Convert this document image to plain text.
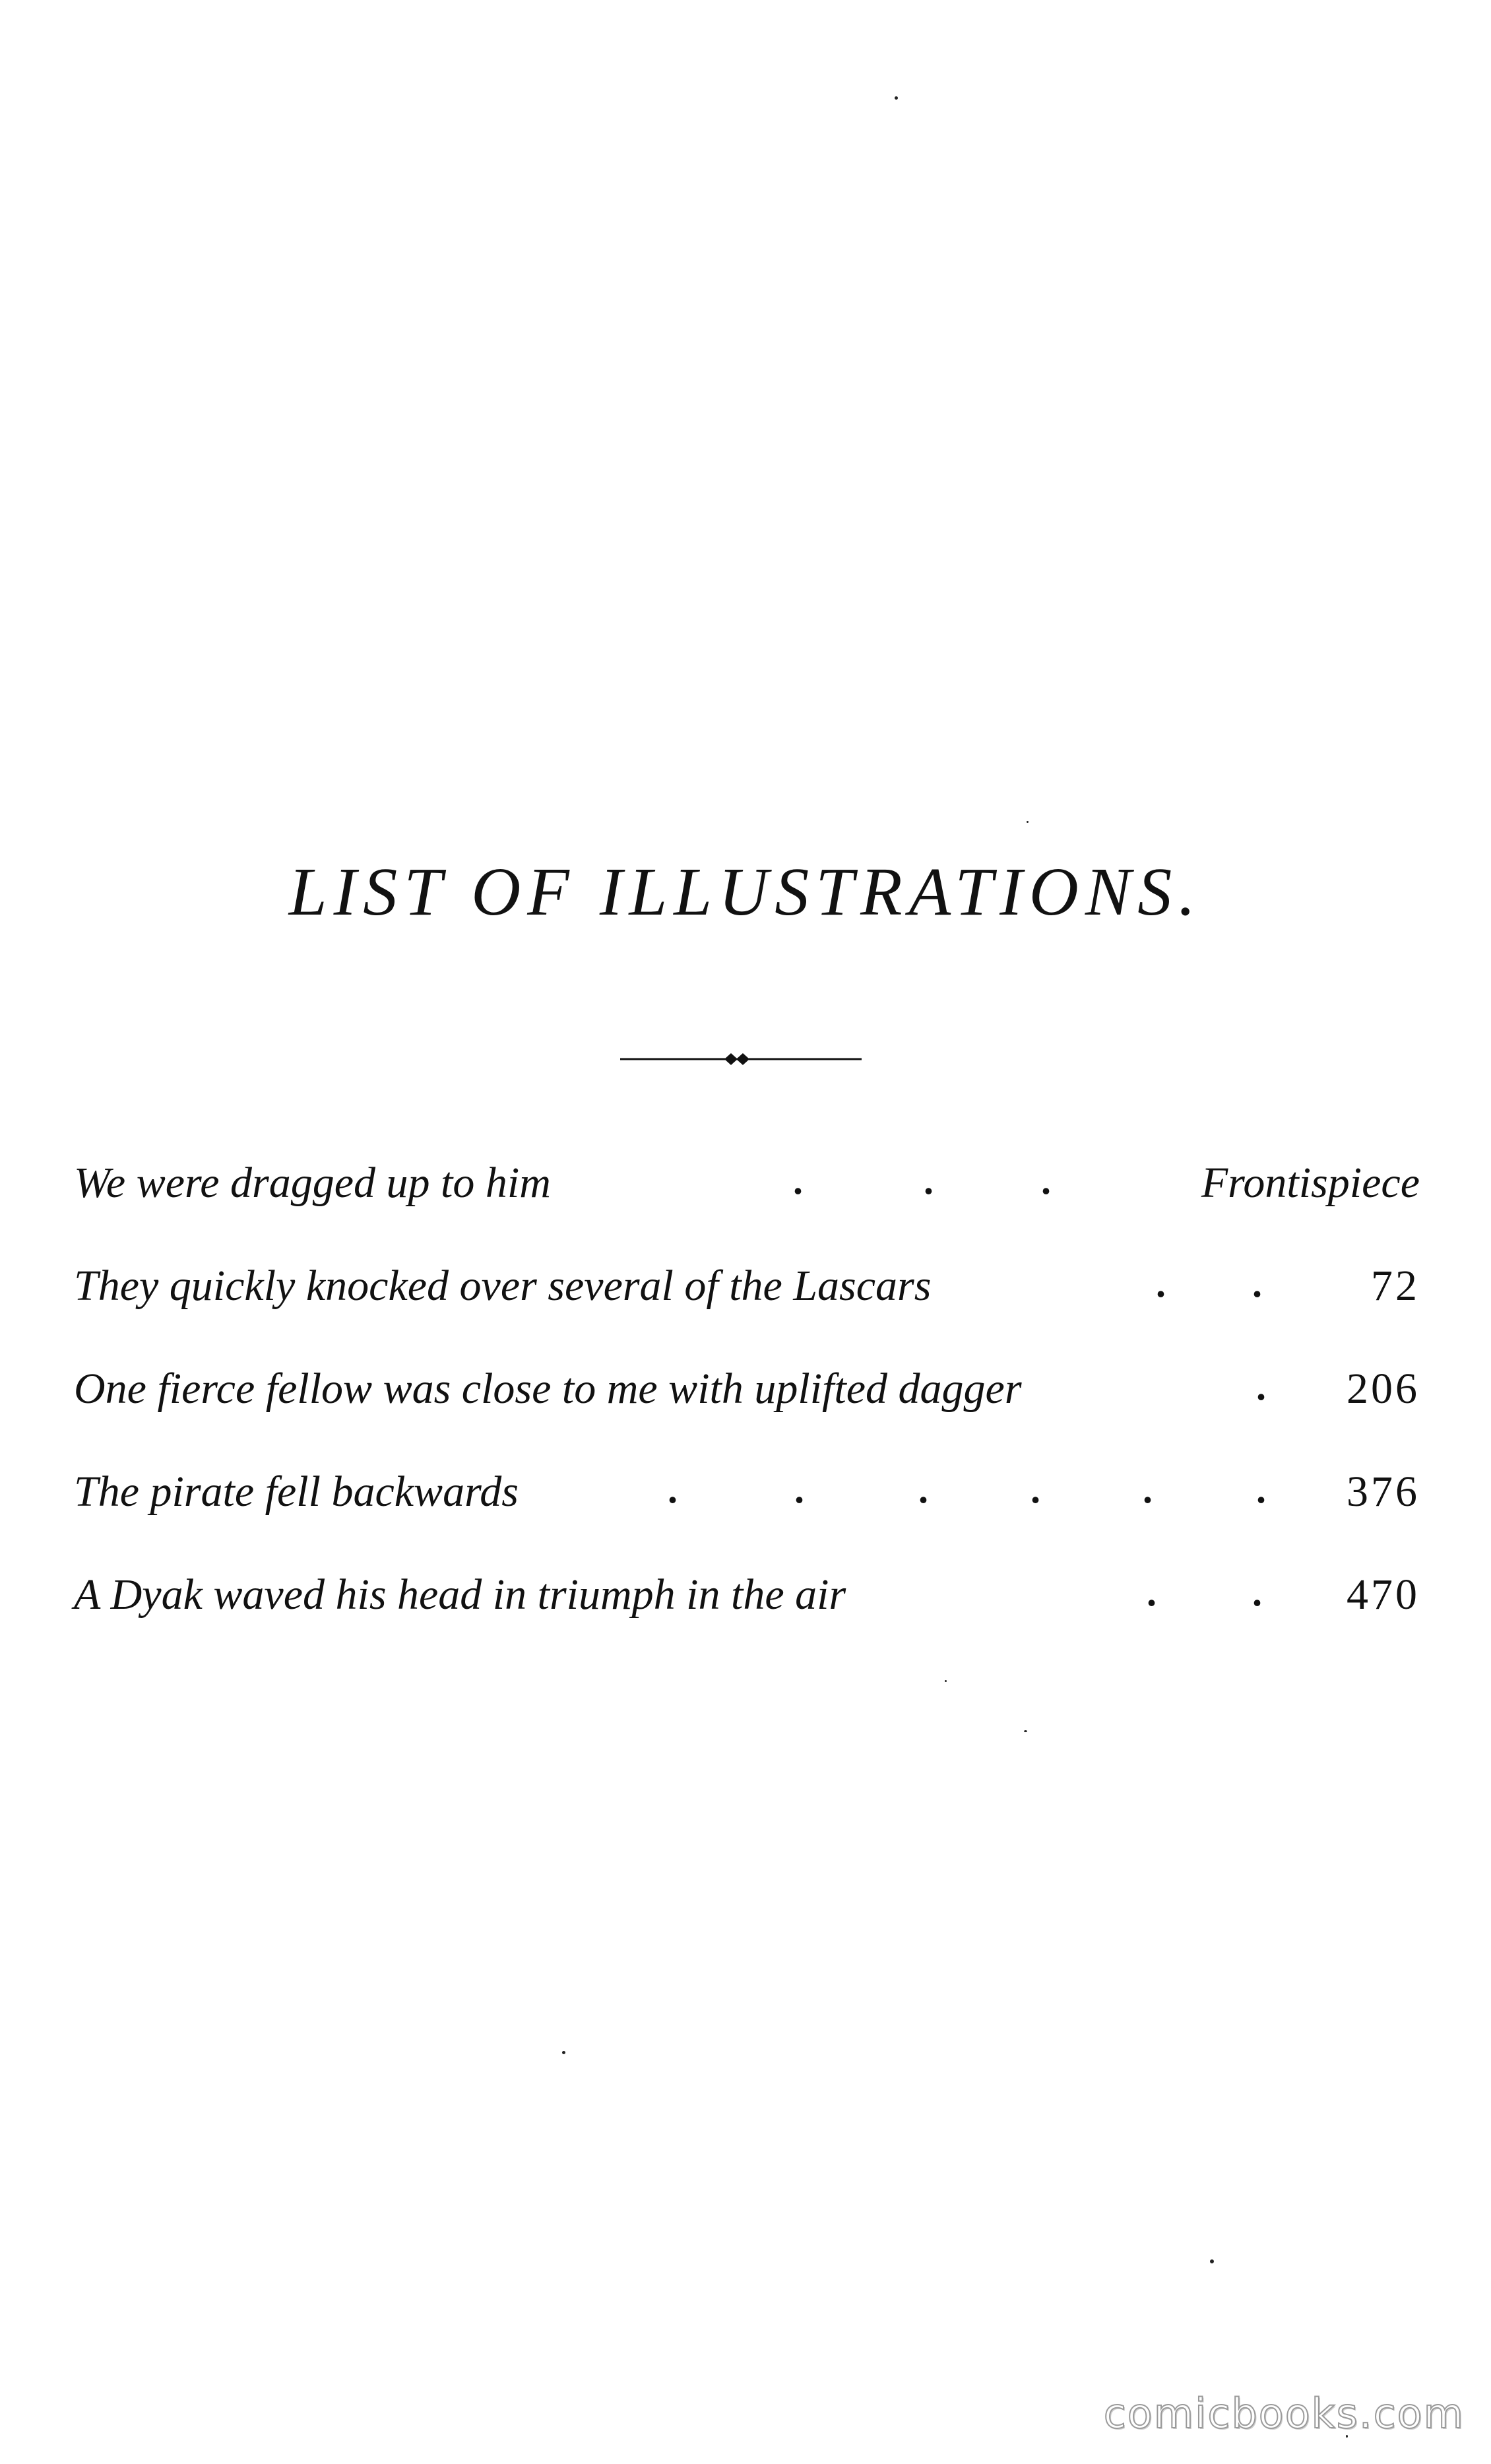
LIST OF ILLUSTRATIONS.
We were dragged up to him	.	.	.	Frontispiece
They quickly knocked over several of the Lascars	. .	72
One fierce fellow was close to me with uplifted dagger	. 206
The pirate fell backwards	.	.	.	.	.	. 376
A Dyak waved his head in triumph in the air	. . 470
comicbooks.com
